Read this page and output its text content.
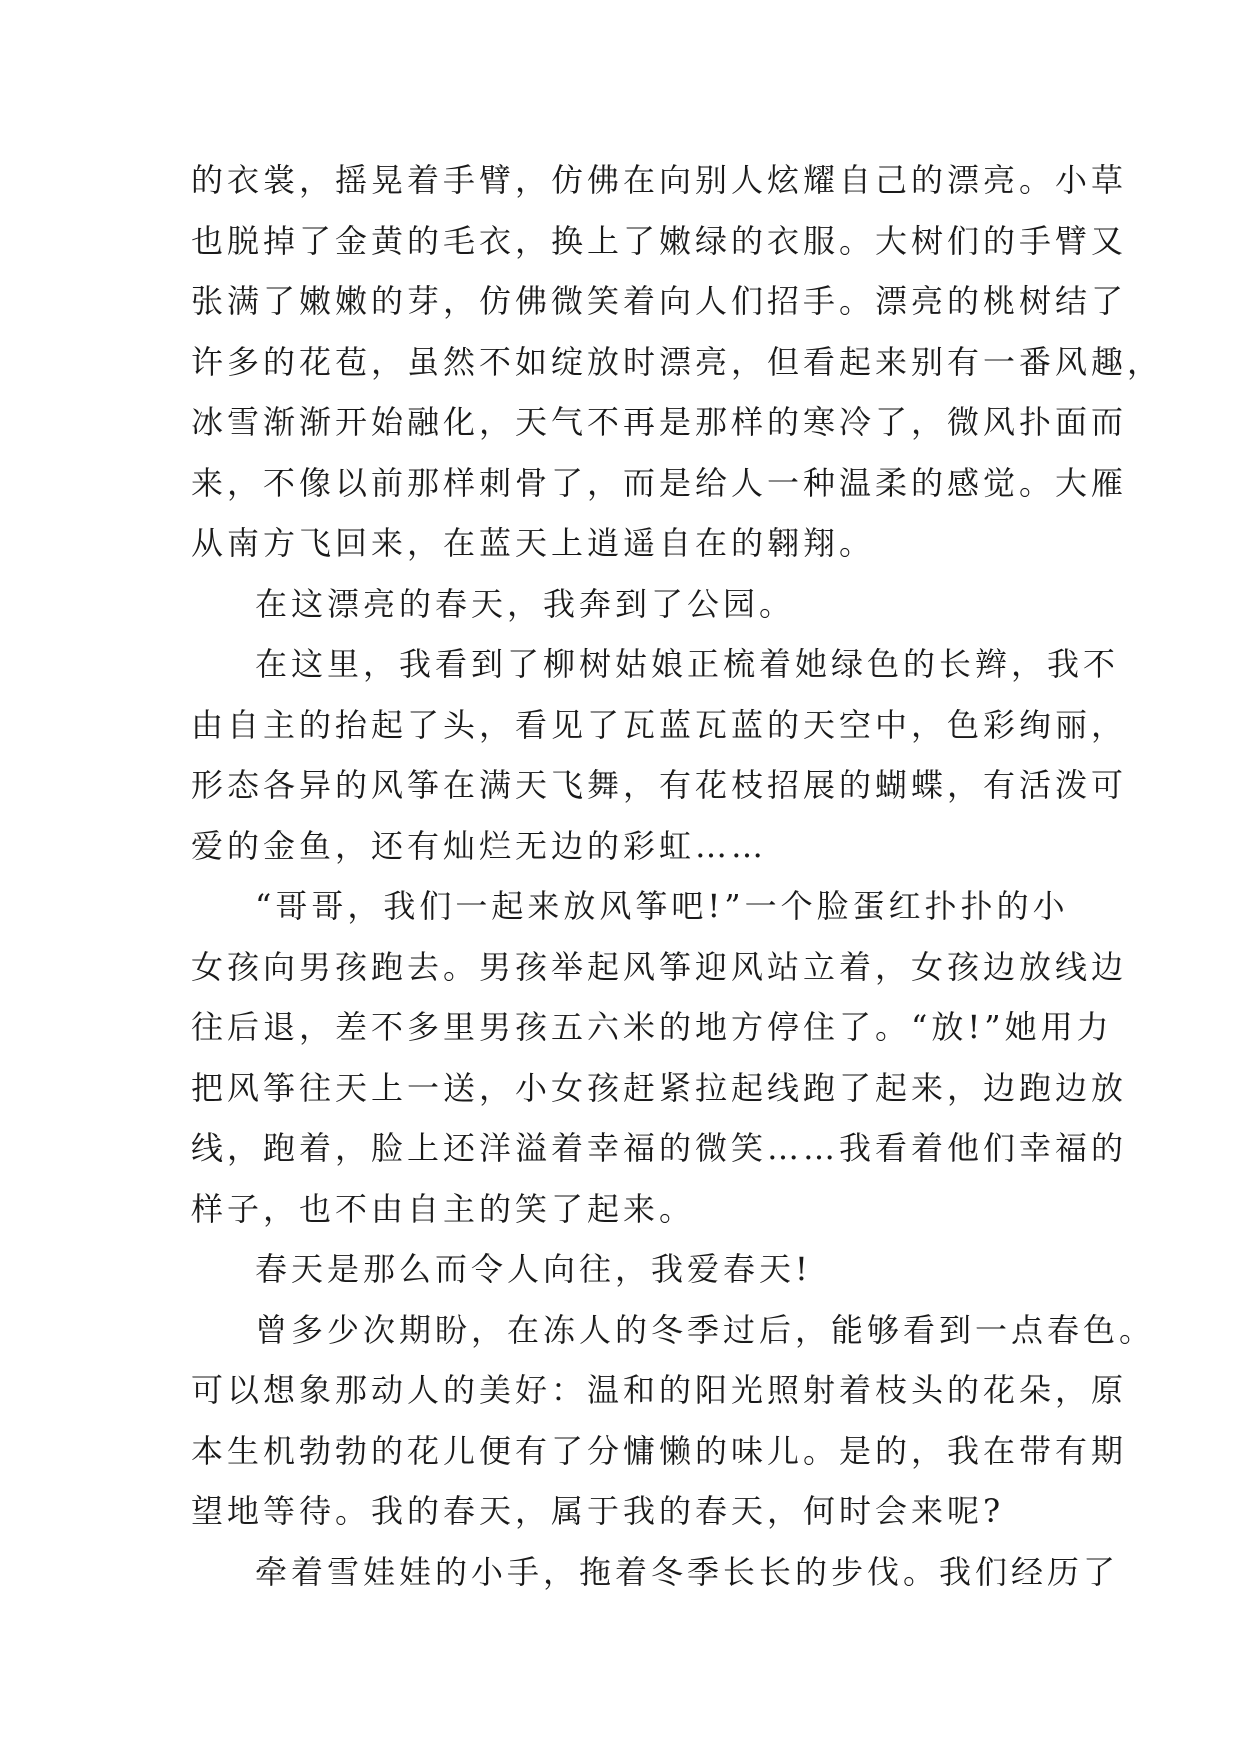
的衣裳，摇晃着手臂，仿佛在向别人炫耀自己的漂亮。小草
也脱掉了金黄的毛衣，换上了嫩绿的衣服。大树们的手臂又
张满了嫩嫩的芽，仿佛微笑着向人们招手。漂亮的桃树结了
许多的花苞，虽然不如绽放时漂亮，但看起来别有一番风趣，
冰雪渐渐开始融化，天气不再是那样的寒冷了，微风扑面而
来，不像以前那样刺骨了，而是给人一种温柔的感觉。大雁
从南方飞回来，在蓝天上逍遥自在的翱翔。
在这漂亮的春天，我奔到了公园。
在这里，我看到了柳树姑娘正梳着她绿色的长辫，我不
由自主的抬起了头，看见了瓦蓝瓦蓝的天空中，色彩绚丽，
形态各异的风筝在满天飞舞，有花枝招展的蝴蝶，有活泼可
爱的金鱼，还有灿烂无边的彩虹……
“哥哥，我们一起来放风筝吧!”一个脸蛋红扑扑的小
女孩向男孩跑去。男孩举起风筝迎风站立着，女孩边放线边
往后退，差不多里男孩五六米的地方停住了。“放!”她用力
把风筝往天上一送，小女孩赶紧拉起线跑了起来，边跑边放
线，跑着，脸上还洋溢着幸福的微笑……我看着他们幸福的
样子，也不由自主的笑了起来。
春天是那么而令人向往，我爱春天!
曾多少次期盼，在冻人的冬季过后，能够看到一点春色。
可以想象那动人的美好：温和的阳光照射着枝头的花朵，原
本生机勃勃的花儿便有了分慵懒的味儿。是的，我在带有期
望地等待。我的春天，属于我的春天，何时会来呢?
牵着雪娃娃的小手，拖着冬季长长的步伐。我们经历了
